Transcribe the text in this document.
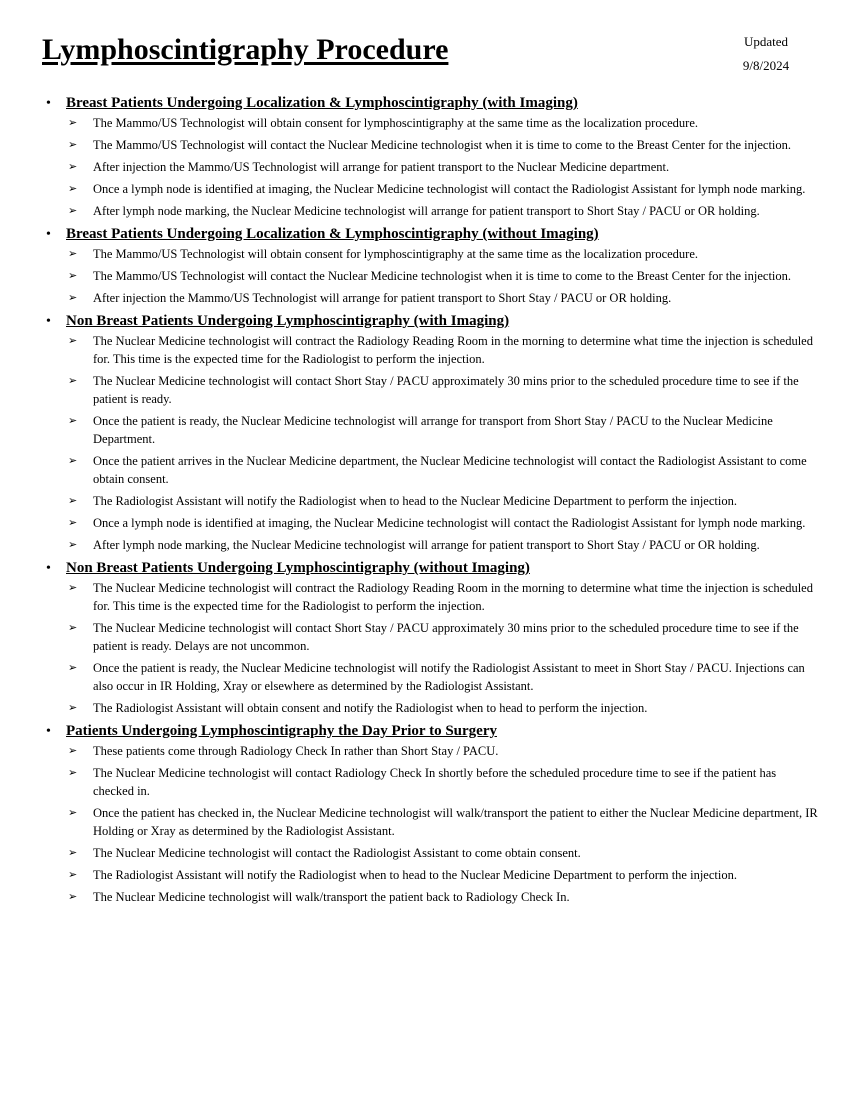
Lymphoscintigraphy Procedure	Updated
9/8/2024
•	Breast Patients Undergoing Localization & Lymphoscintigraphy (with Imaging)
➢	The Mammo/US Technologist will obtain consent for lymphoscintigraphy at the same time as the localization procedure.
➢	The Mammo/US Technologist will contact the Nuclear Medicine technologist when it is time to come to the Breast Center for the injection.
➢	After injection the Mammo/US Technologist will arrange for patient transport to the Nuclear Medicine department.
➢	Once a lymph node is identified at imaging, the Nuclear Medicine technologist will contact the Radiologist Assistant for lymph node marking.
➢	After lymph node marking, the Nuclear Medicine technologist will arrange for patient transport to Short Stay / PACU or OR holding.
•	Breast Patients Undergoing Localization & Lymphoscintigraphy (without Imaging)
➢	The Mammo/US Technologist will obtain consent for lymphoscintigraphy at the same time as the localization procedure.
➢	The Mammo/US Technologist will contact the Nuclear Medicine technologist when it is time to come to the Breast Center for the injection.
➢	After injection the Mammo/US Technologist will arrange for patient transport to Short Stay / PACU or OR holding.
•	Non Breast Patients Undergoing Lymphoscintigraphy (with Imaging)
➢	The Nuclear Medicine technologist will contract the Radiology Reading Room in the morning to determine what time the injection is scheduled for. This time is the expected time for the Radiologist to perform the injection.
➢	The Nuclear Medicine technologist will contact Short Stay / PACU approximately 30 mins prior to the scheduled procedure time to see if the patient is ready.
➢	Once the patient is ready, the Nuclear Medicine technologist will arrange for transport from Short Stay / PACU to the Nuclear Medicine Department.
➢	Once the patient arrives in the Nuclear Medicine department, the Nuclear Medicine technologist will contact the Radiologist Assistant to come obtain consent.
➢	The Radiologist Assistant will notify the Radiologist when to head to the Nuclear Medicine Department to perform the injection.
➢	Once a lymph node is identified at imaging, the Nuclear Medicine technologist will contact the Radiologist Assistant for lymph node marking.
➢	After lymph node marking, the Nuclear Medicine technologist will arrange for patient transport to Short Stay / PACU or OR holding.
•	Non Breast Patients Undergoing Lymphoscintigraphy (without Imaging)
➢	The Nuclear Medicine technologist will contract the Radiology Reading Room in the morning to determine what time the injection is scheduled for. This time is the expected time for the Radiologist to perform the injection.
➢	The Nuclear Medicine technologist will contact Short Stay / PACU approximately 30 mins prior to the scheduled procedure time to see if the patient is ready. Delays are not uncommon.
➢	Once the patient is ready, the Nuclear Medicine technologist will notify the Radiologist Assistant to meet in Short Stay / PACU. Injections can also occur in IR Holding, Xray or elsewhere as determined by the Radiologist Assistant.
➢	The Radiologist Assistant will obtain consent and notify the Radiologist when to head to perform the injection.
•	Patients Undergoing Lymphoscintigraphy the Day Prior to Surgery
➢	These patients come through Radiology Check In rather than Short Stay / PACU.
➢	The Nuclear Medicine technologist will contact Radiology Check In shortly before the scheduled procedure time to see if the patient has checked in.
➢	Once the patient has checked in, the Nuclear Medicine technologist will walk/transport the patient to either the Nuclear Medicine department, IR Holding or Xray as determined by the Radiologist Assistant.
➢	The Nuclear Medicine technologist will contact the Radiologist Assistant to come obtain consent.
➢	The Radiologist Assistant will notify the Radiologist when to head to the Nuclear Medicine Department to perform the injection.
➢	The Nuclear Medicine technologist will walk/transport the patient back to Radiology Check In.
